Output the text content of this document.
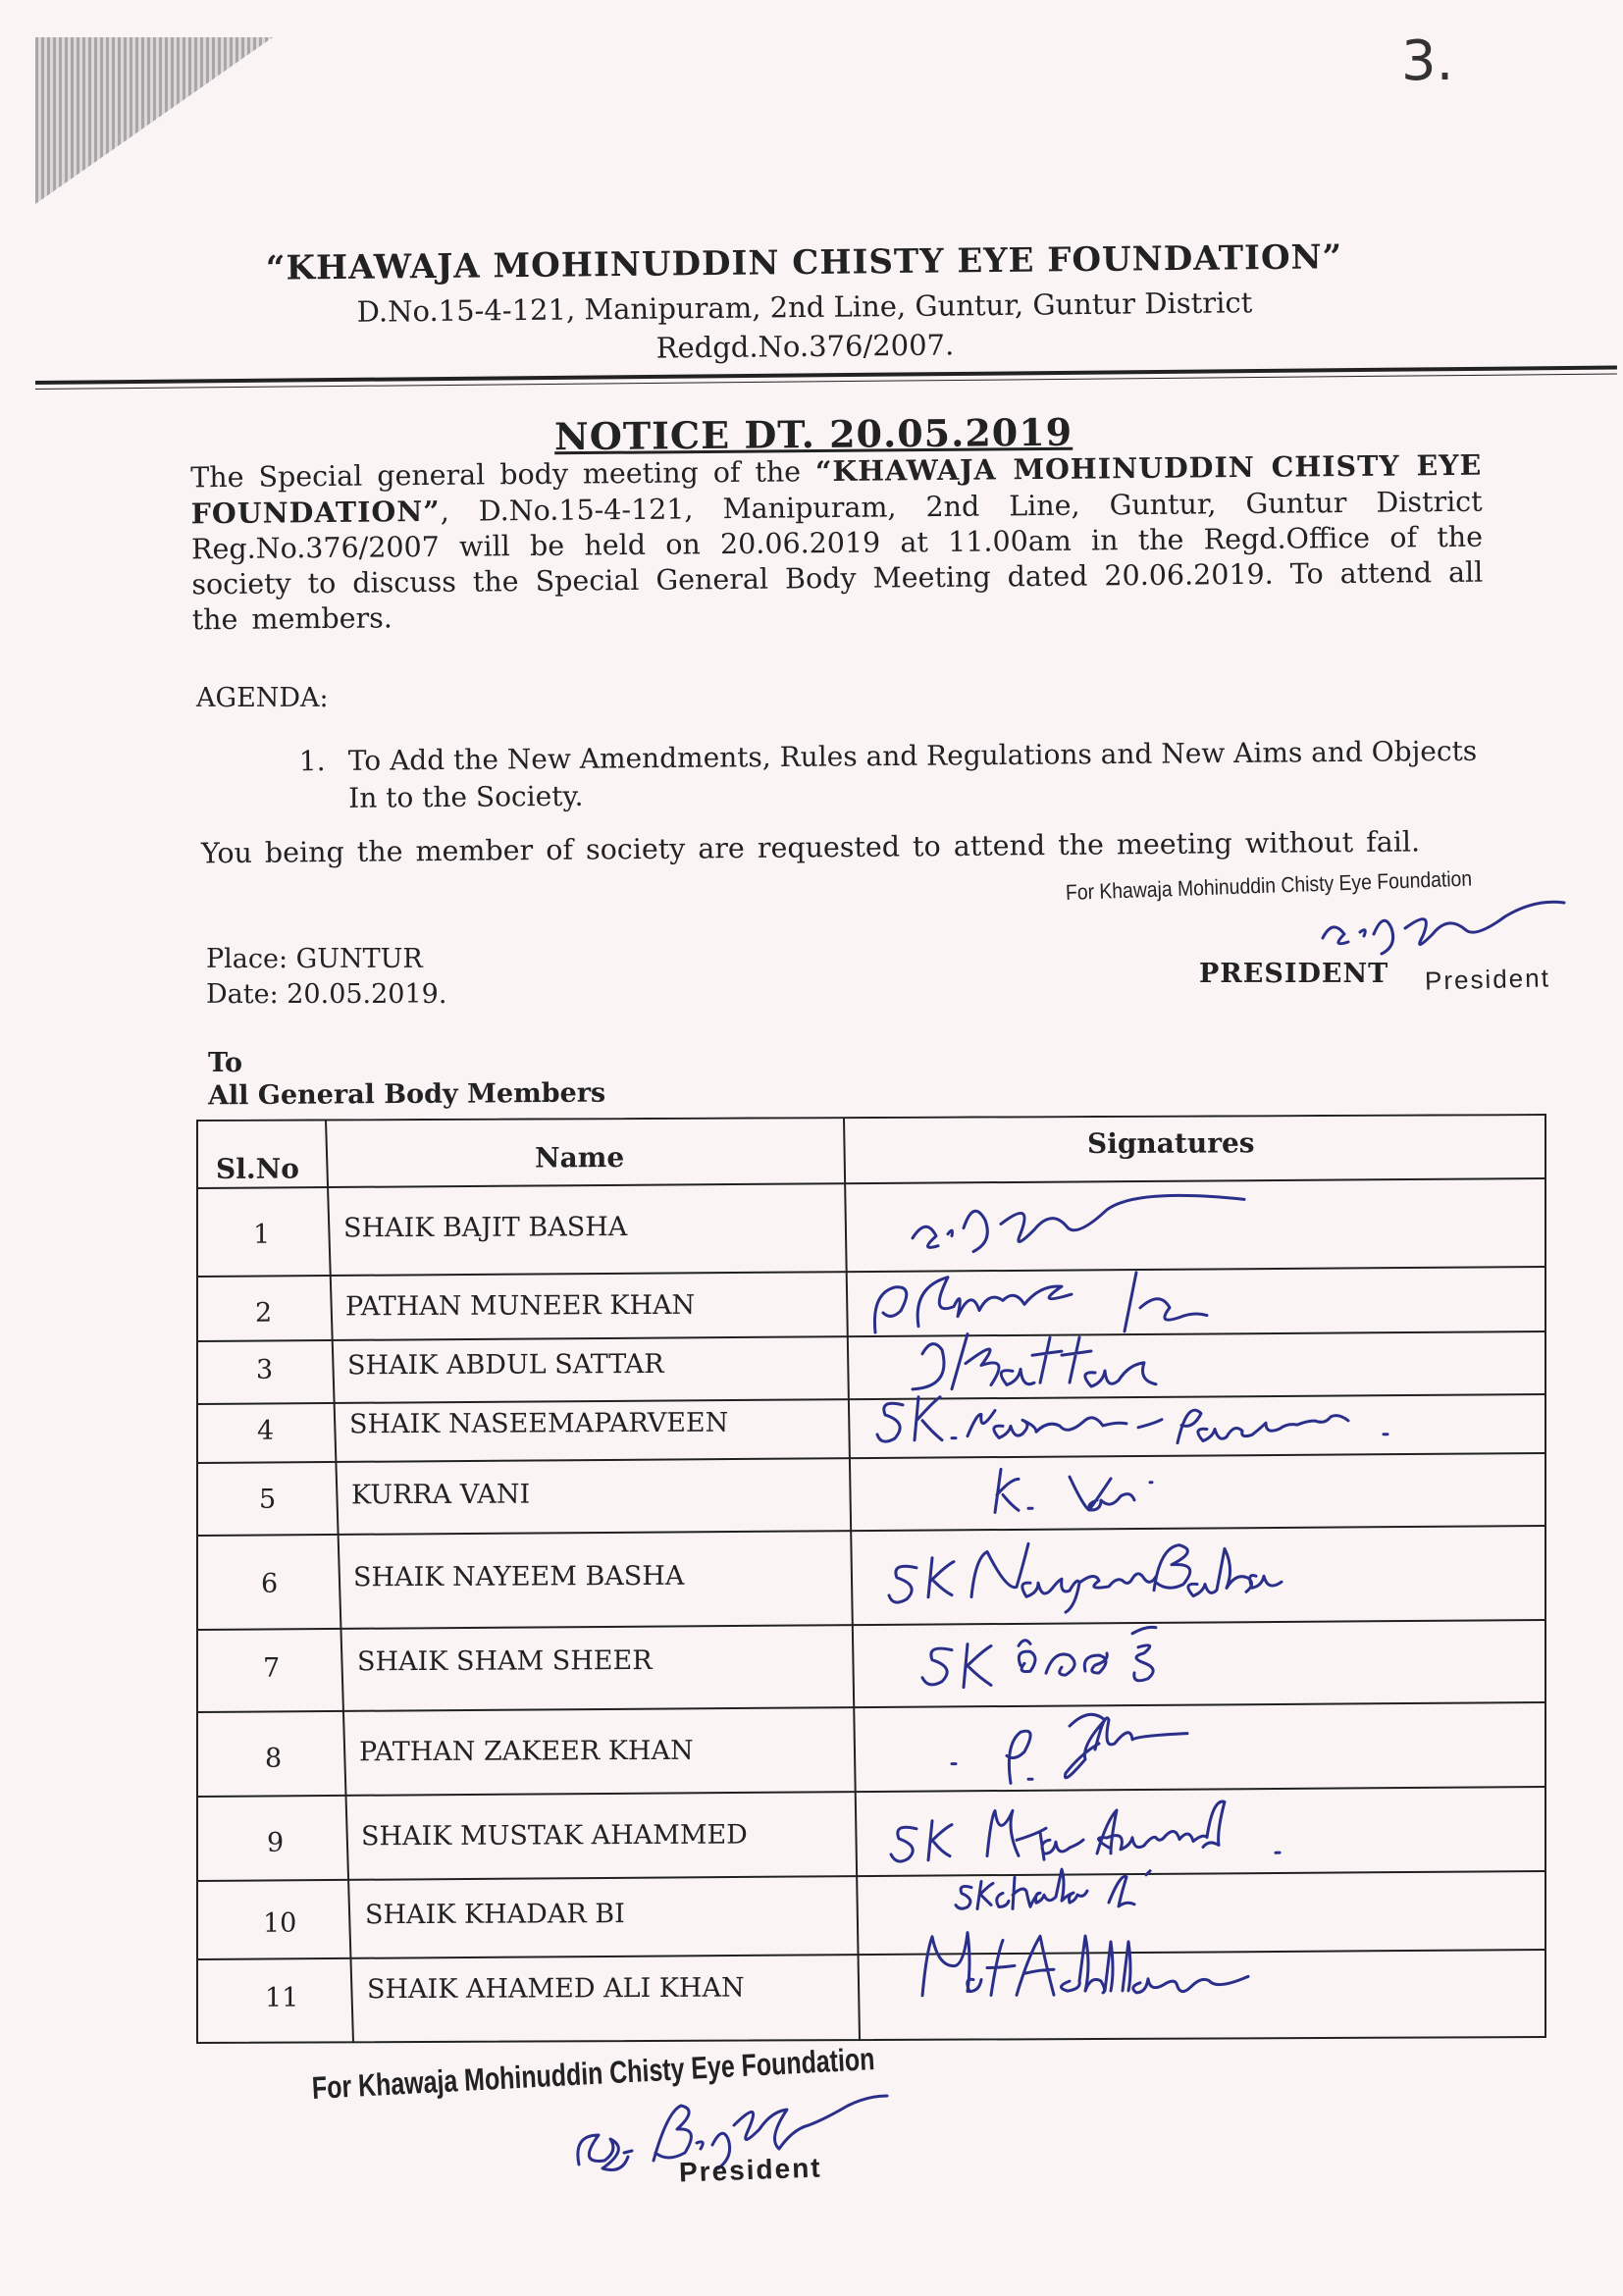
3.
“KHAWAJA MOHINUDDIN CHISTY EYE FOUNDATION”
D.No.15-4-121, Manipuram, 2nd Line, Guntur, Guntur District
Redgd.No.376/2007.
NOTICE DT. 20.05.2019
The Special general body meeting of the “KHAWAJA MOHINUDDIN CHISTY EYE FOUNDATION”, D.No.15-4-121, Manipuram, 2nd Line, Guntur, Guntur District Reg.No.376/2007 will be held on 20.06.2019 at 11.00am in the Regd.Office of the society to discuss the Special General Body Meeting dated 20.06.2019. To attend all the members.
AGENDA:
1. To Add the New Amendments, Rules and Regulations and New Aims and Objects In to the Society.
You being the member of society are requested to attend the meeting without fail.
Place: GUNTUR
Date: 20.05.2019.
For Khawaja Mohinuddin Chisty Eye Foundation
PRESIDENT President
To
All General Body Members
Sl.No	Name	Signatures
1	SHAIK BAJIT BASHA
2	PATHAN MUNEER KHAN
3	SHAIK ABDUL SATTAR
4	SHAIK NASEEMAPARVEEN
5	KURRA VANI
6	SHAIK NAYEEM BASHA
7	SHAIK SHAM SHEER
8	PATHAN ZAKEER KHAN
9	SHAIK MUSTAK AHAMMED
10	SHAIK KHADAR BI
11	SHAIK AHAMED ALI KHAN
For Khawaja Mohinuddin Chisty Eye Foundation
President
